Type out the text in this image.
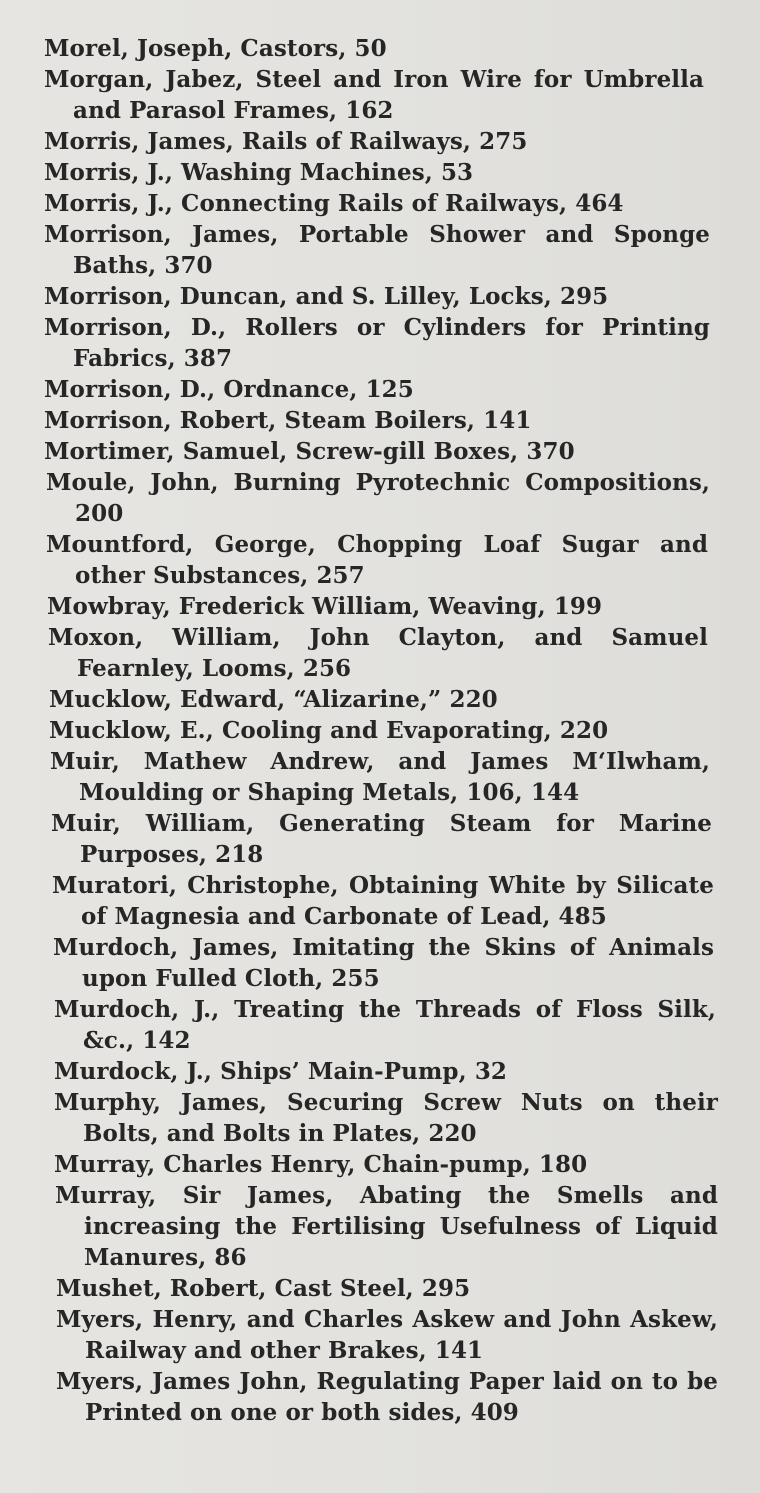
Morel, Joseph, Castors, 50
Morgan, Jabez, Steel and Iron Wire for Umbrella and Parasol Frames, 162
Morris, James, Rails of Railways, 275
Morris, J., Washing Machines, 53
Morris, J., Connecting Rails of Railways, 464
Morrison, James, Portable Shower and Sponge Baths, 370
Morrison, Duncan, and S. Lilley, Locks, 295
Morrison, D., Rollers or Cylinders for Printing Fabrics, 387
Morrison, D., Ordnance, 125
Morrison, Robert, Steam Boilers, 141
Mortimer, Samuel, Screw-gill Boxes, 370
Moule, John, Burning Pyrotechnic Compositions, 200
Mountford, George, Chopping Loaf Sugar and other Substances, 257
Mowbray, Frederick William, Weaving, 199
Moxon, William, John Clayton, and Samuel Fearnley, Looms, 256
Mucklow, Edward, “Alizarine,” 220
Mucklow, E., Cooling and Evaporating, 220
Muir, Mathew Andrew, and James M‘Ilwham, Moulding or Shaping Metals, 106, 144
Muir, William, Generating Steam for Marine Purposes, 218
Muratori, Christophe, Obtaining White by Silicate of Magnesia and Carbonate of Lead, 485
Murdoch, James, Imitating the Skins of Animals upon Fulled Cloth, 255
Murdoch, J., Treating the Threads of Floss Silk, &c., 142
Murdock, J., Ships’ Main-Pump, 32
Murphy, James, Securing Screw Nuts on their Bolts, and Bolts in Plates, 220
Murray, Charles Henry, Chain-pump, 180
Murray, Sir James, Abating the Smells and increasing the Fertilising Usefulness of Liquid Manures, 86
Mushet, Robert, Cast Steel, 295
Myers, Henry, and Charles Askew and John Askew, Railway and other Brakes, 141
Myers, James John, Regulating Paper laid on to be Printed on one or both sides, 409
